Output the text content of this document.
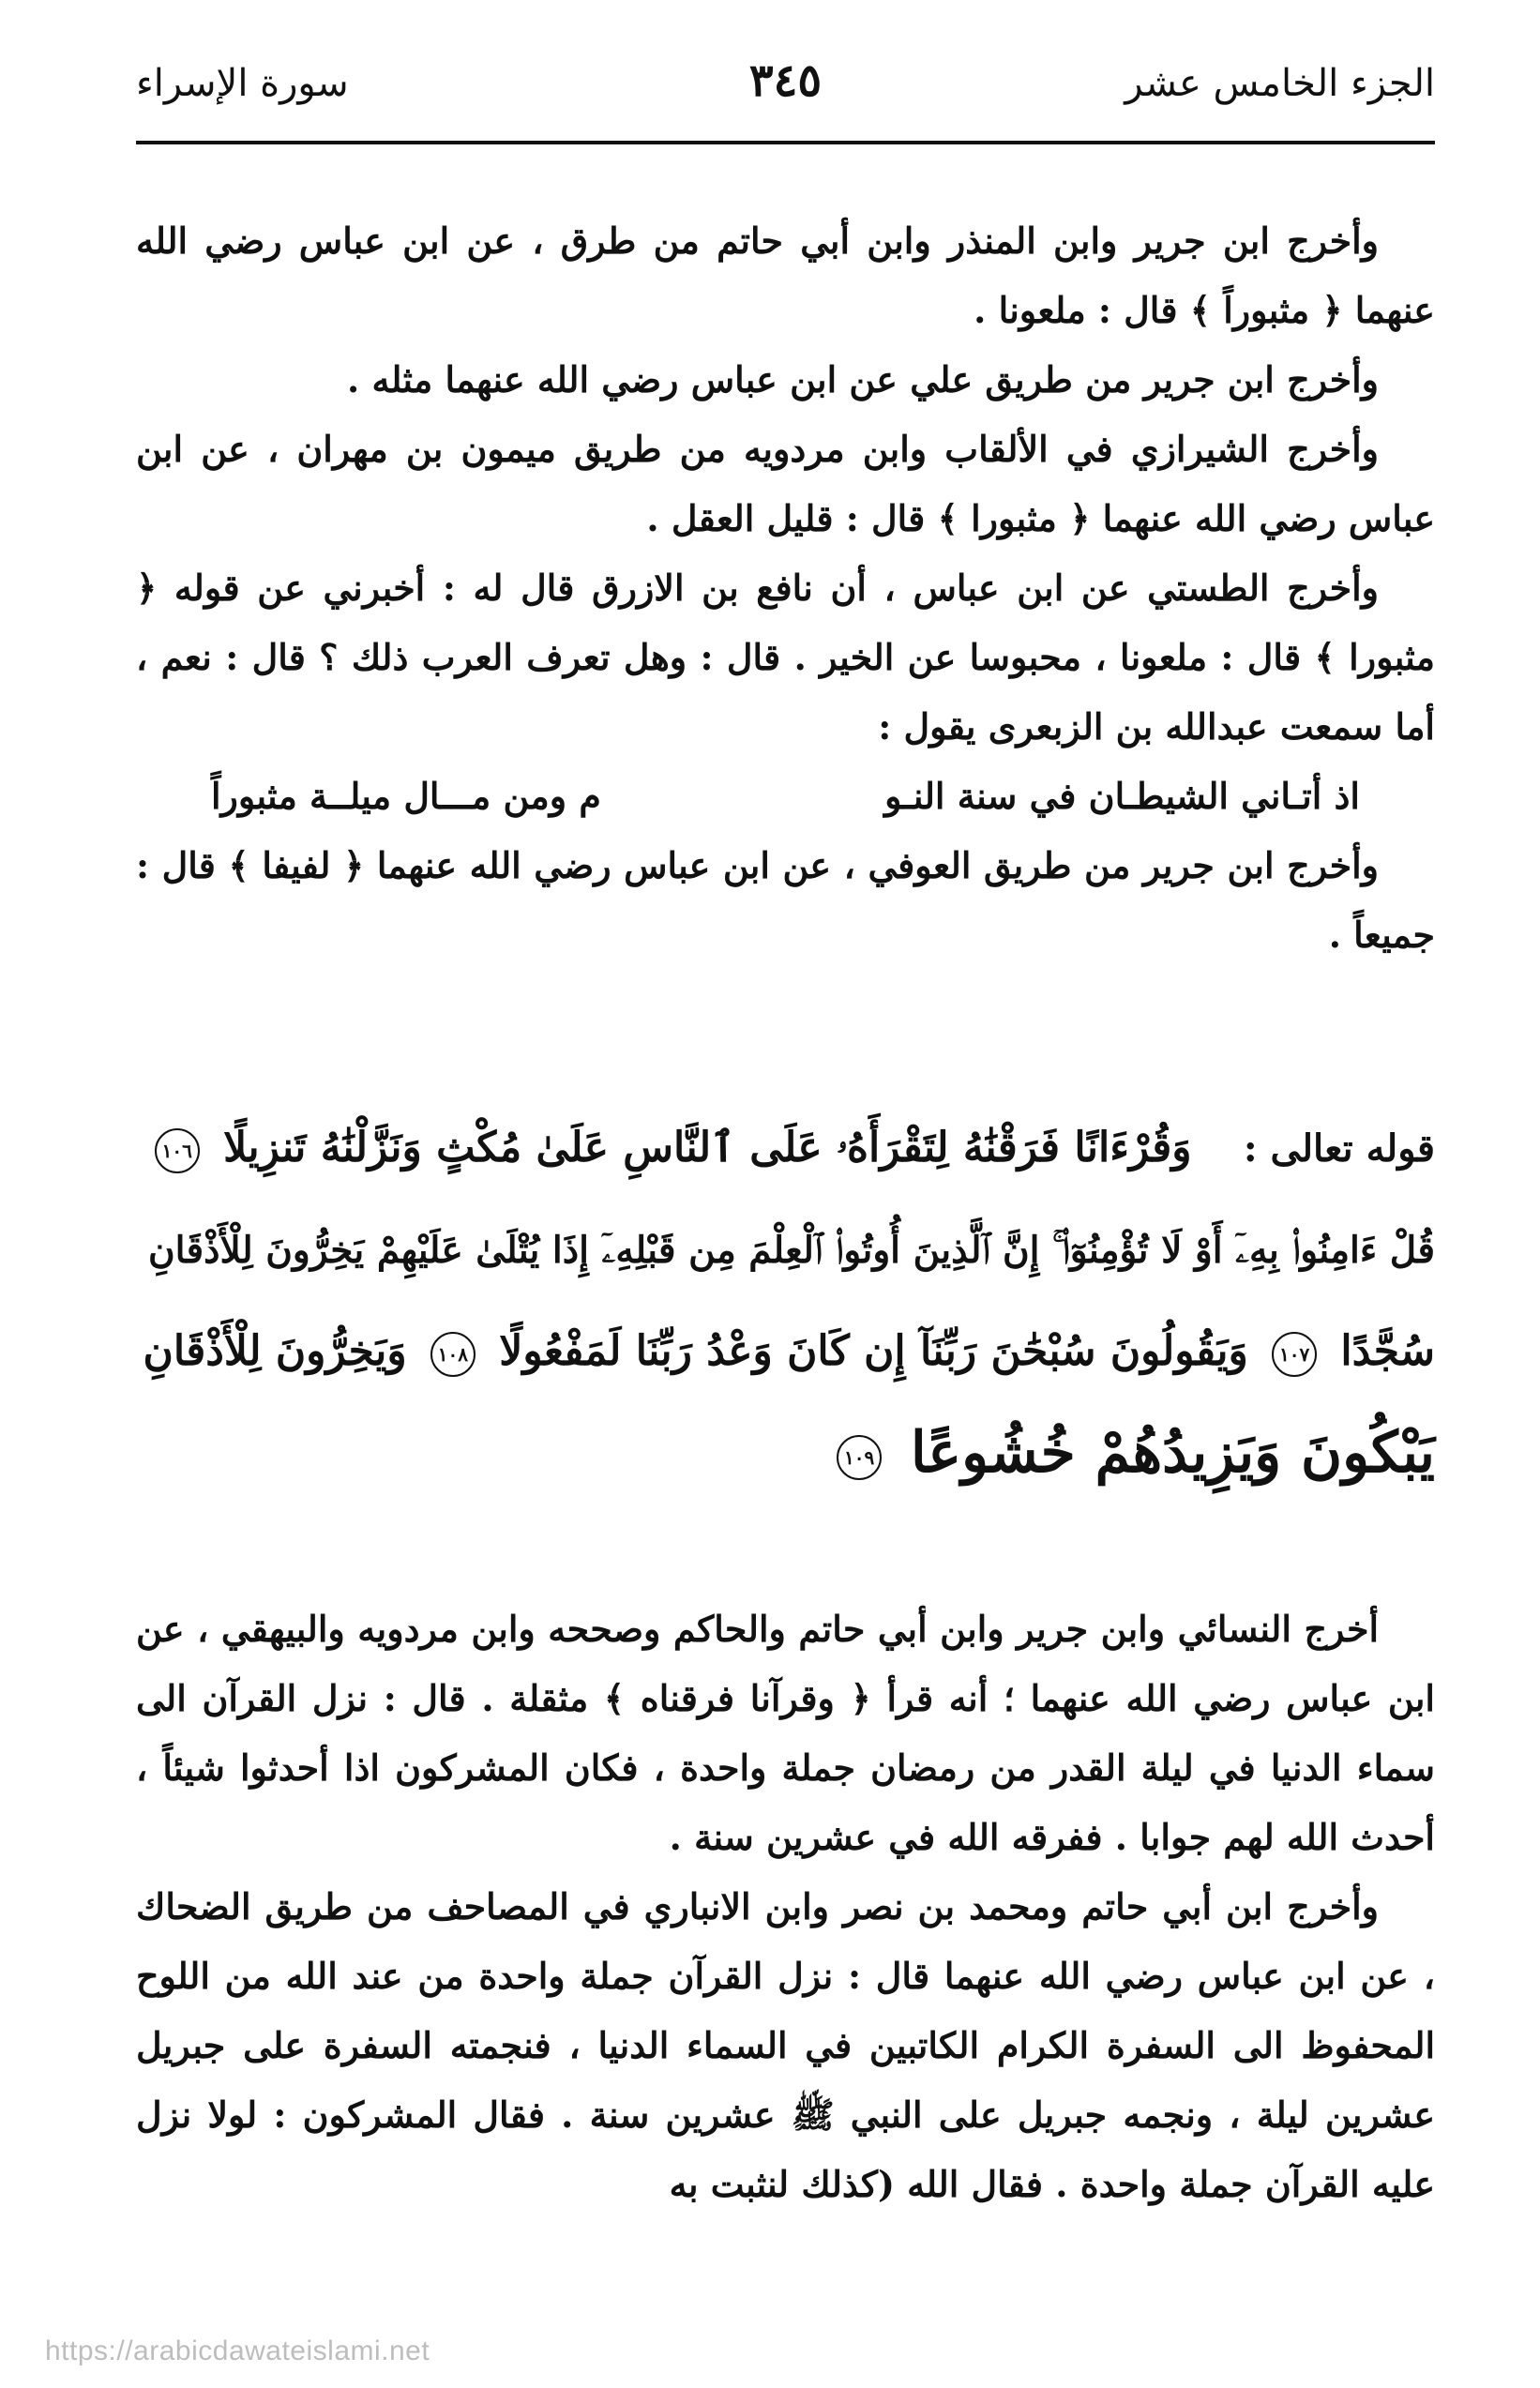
الجزء الخامس عشر
٣٤٥
سورة الإسراء

وأخرج ابن جرير وابن المنذر وابن أبي حاتم من طرق ، عن ابن عباس رضي الله عنهما ﴿ مثبوراً ﴾ قال : ملعونا .

وأخرج ابن جرير من طريق علي عن ابن عباس رضي الله عنهما مثله .

وأخرج الشيرازي في الألقاب وابن مردويه من طريق ميمون بن مهران ، عن ابن عباس رضي الله عنهما ﴿ مثبورا ﴾ قال : قليل العقل .

وأخرج الطستي عن ابن عباس ، أن نافع بن الازرق قال له : أخبرني عن قوله ﴿ مثبورا ﴾ قال : ملعونا ، محبوسا عن الخير . قال : وهل تعرف العرب ذلك ؟ قال : نعم ، أما سمعت عبدالله بن الزبعرى يقول :

اذ أتـاني الشيطـان في سنة النـو
م ومن مـــال ميلــة مثبوراً

وأخرج ابن جرير من طريق العوفي ، عن ابن عباس رضي الله عنهما ﴿ لفيفا ﴾ قال : جميعاً .

قوله تعالى : وَقُرْءَانًا فَرَقْنَٰهُ لِتَقْرَأَهُۥ عَلَى ٱلنَّاسِ عَلَىٰ مُكْثٍ وَنَزَّلْنَٰهُ تَنزِيلًا ١٠٦

قُلْ ءَامِنُوا۟ بِهِۦٓ أَوْ لَا تُؤْمِنُوٓا۟ ۚ إِنَّ ٱلَّذِينَ أُوتُوا۟ ٱلْعِلْمَ مِن قَبْلِهِۦٓ إِذَا يُتْلَىٰ عَلَيْهِمْ يَخِرُّونَ لِلْأَذْقَانِ

سُجَّدًا ١٠٧ وَيَقُولُونَ سُبْحَٰنَ رَبِّنَآ إِن كَانَ وَعْدُ رَبِّنَا لَمَفْعُولًا ١٠٨ وَيَخِرُّونَ لِلْأَذْقَانِ

يَبْكُونَ وَيَزِيدُهُمْ خُشُوعًا ١٠٩

أخرج النسائي وابن جرير وابن أبي حاتم والحاكم وصححه وابن مردويه والبيهقي ، عن ابن عباس رضي الله عنهما ؛ أنه قرأ ﴿ وقرآنا فرقناه ﴾ مثقلة . قال : نزل القرآن الى سماء الدنيا في ليلة القدر من رمضان جملة واحدة ، فكان المشركون اذا أحدثوا شيئاً ، أحدث الله لهم جوابا . ففرقه الله في عشرين سنة .

وأخرج ابن أبي حاتم ومحمد بن نصر وابن الانباري في المصاحف من طريق الضحاك ، عن ابن عباس رضي الله عنهما قال : نزل القرآن جملة واحدة من عند الله من اللوح المحفوظ الى السفرة الكرام الكاتبين في السماء الدنيا ، فنجمته السفرة على جبريل عشرين ليلة ، ونجمه جبريل على النبي ﷺ عشرين سنة . فقال المشركون : لولا نزل عليه القرآن جملة واحدة . فقال الله (كذلك لنثبت به

https://arabicdawateislami.net
